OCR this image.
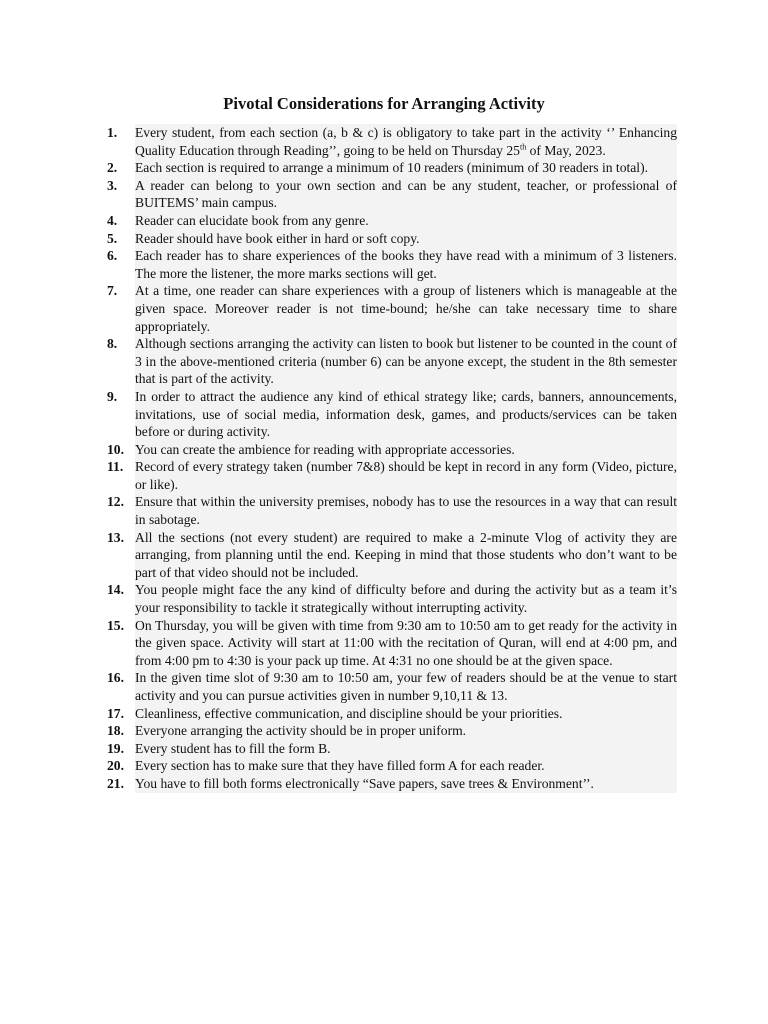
Pivotal Considerations for Arranging Activity
1.	Every student, from each section (a, b & c) is obligatory to take part in the activity ‘’ Enhancing Quality Education through Reading’’, going to be held on Thursday 25th of May, 2023.
2.	Each section is required to arrange a minimum of 10 readers (minimum of 30 readers in total).
3.	A reader can belong to your own section and can be any student, teacher, or professional of BUITEMS’ main campus.
4.	Reader can elucidate book from any genre.
5.	Reader should have book either in hard or soft copy.
6.	Each reader has to share experiences of the books they have read with a minimum of 3 listeners. The more the listener, the more marks sections will get.
7.	At a time, one reader can share experiences with a group of listeners which is manageable at the given space. Moreover reader is not time-bound; he/she can take necessary time to share appropriately.
8.	Although sections arranging the activity can listen to book but listener to be counted in the count of 3 in the above-mentioned criteria (number 6) can be anyone except, the student in the 8th semester that is part of the activity.
9.	In order to attract the audience any kind of ethical strategy like; cards, banners, announcements, invitations, use of social media, information desk, games, and products/services can be taken before or during activity.
10. You can create the ambience for reading with appropriate accessories.
11. Record of every strategy taken (number 7&8) should be kept in record in any form (Video, picture, or like).
12. Ensure that within the university premises, nobody has to use the resources in a way that can result in sabotage.
13. All the sections (not every student) are required to make a 2-minute Vlog of activity they are arranging, from planning until the end. Keeping in mind that those students who don’t want to be part of that video should not be included.
14. You people might face the any kind of difficulty before and during the activity but as a team it’s your responsibility to tackle it strategically without interrupting activity.
15. On Thursday, you will be given with time from 9:30 am to 10:50 am to get ready for the activity in the given space. Activity will start at 11:00 with the recitation of Quran, will end at 4:00 pm, and from 4:00 pm to 4:30 is your pack up time. At 4:31 no one should be at the given space.
16. In the given time slot of 9:30 am to 10:50 am, your few of readers should be at the venue to start activity and you can pursue activities given in number 9,10,11 & 13.
17. Cleanliness, effective communication, and discipline should be your priorities.
18. Everyone arranging the activity should be in proper uniform.
19. Every student has to fill the form B.
20. Every section has to make sure that they have filled form A for each reader.
21. You have to fill both forms electronically “Save papers, save trees & Environment’’.
